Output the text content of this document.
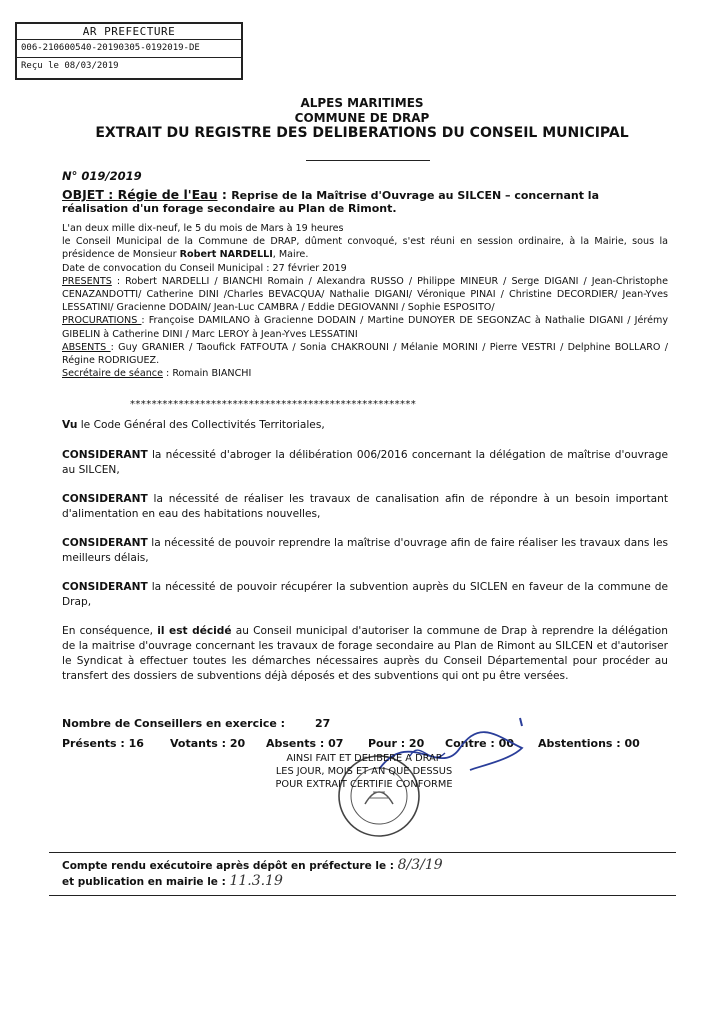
AR PREFECTURE
006-210600540-20190305-0192019-DE
Reçu le 08/03/2019
ALPES MARITIMES
COMMUNE DE DRAP
EXTRAIT DU REGISTRE DES DELIBERATIONS DU CONSEIL MUNICIPAL
N° 019/2019
OBJET : Régie de l'Eau : Reprise de la Maîtrise d'Ouvrage au SILCEN – concernant la réalisation d'un forage secondaire au Plan de Rimont.

L'an deux mille dix-neuf, le 5 du mois de Mars à 19 heures

le Conseil Municipal de la Commune de DRAP, dûment convoqué, s'est réuni en session ordinaire, à la Mairie, sous la présidence de Monsieur Robert NARDELLI, Maire.

Date de convocation du Conseil Municipal : 27 février 2019

PRESENTS : Robert NARDELLI / BIANCHI Romain / Alexandra RUSSO / Philippe MINEUR / Serge DIGANI / Jean-Christophe CENAZANDOTTI/ Catherine DINI /Charles BEVACQUA/ Nathalie DIGANI/ Véronique PINAI / Christine DECORDIER/ Jean-Yves LESSATINI/ Gracienne DODAIN/ Jean-Luc CAMBRA / Eddie DEGIOVANNI / Sophie ESPOSITO/

PROCURATIONS : Françoise DAMILANO à Gracienne DODAIN / Martine DUNOYER DE SEGONZAC à Nathalie DIGANI / Jérémy GIBELIN à Catherine DINI / Marc LEROY à Jean-Yves LESSATINI

ABSENTS : Guy GRANIER / Taoufick FATFOUTA / Sonia CHAKROUNI / Mélanie MORINI / Pierre VESTRI / Delphine BOLLARO / Régine RODRIGUEZ.

Secrétaire de séance : Romain BIANCHI

*****************************************************
Vu le Code Général des Collectivités Territoriales,
CONSIDERANT la nécessité d'abroger la délibération 006/2016 concernant la délégation de maîtrise d'ouvrage au SILCEN,
CONSIDERANT la nécessité de réaliser les travaux de canalisation afin de répondre à un besoin important d'alimentation en eau des habitations nouvelles,
CONSIDERANT la nécessité de pouvoir reprendre la maîtrise d'ouvrage afin de faire réaliser les travaux dans les meilleurs délais,
CONSIDERANT la nécessité de pouvoir récupérer la subvention auprès du SICLEN en faveur de la commune de Drap,
En conséquence, il est décidé au Conseil municipal d'autoriser la commune de Drap à reprendre la délégation de la maitrise d'ouvrage concernant les travaux de forage secondaire au Plan de Rimont au SILCEN et d'autoriser le Syndicat à effectuer toutes les démarches nécessaires auprès du Conseil Départemental pour procéder au transfert des dossiers de subventions déjà déposés et des subventions qui ont pu être versées.
Nombre de Conseillers en exercice :	27
Présents : 16 Votants : 20 Absents : 07 Pour : 20 Contre : 00 Abstentions : 00
AINSI FAIT ET DELIBERE A DRAP
LES JOUR, MOIS ET AN QUE DESSUS
POUR EXTRAIT CERTIFIE CONFORME
Compte rendu exécutoire après dépôt en préfecture le : 8/3/19
et publication en mairie le : 11.3.19
